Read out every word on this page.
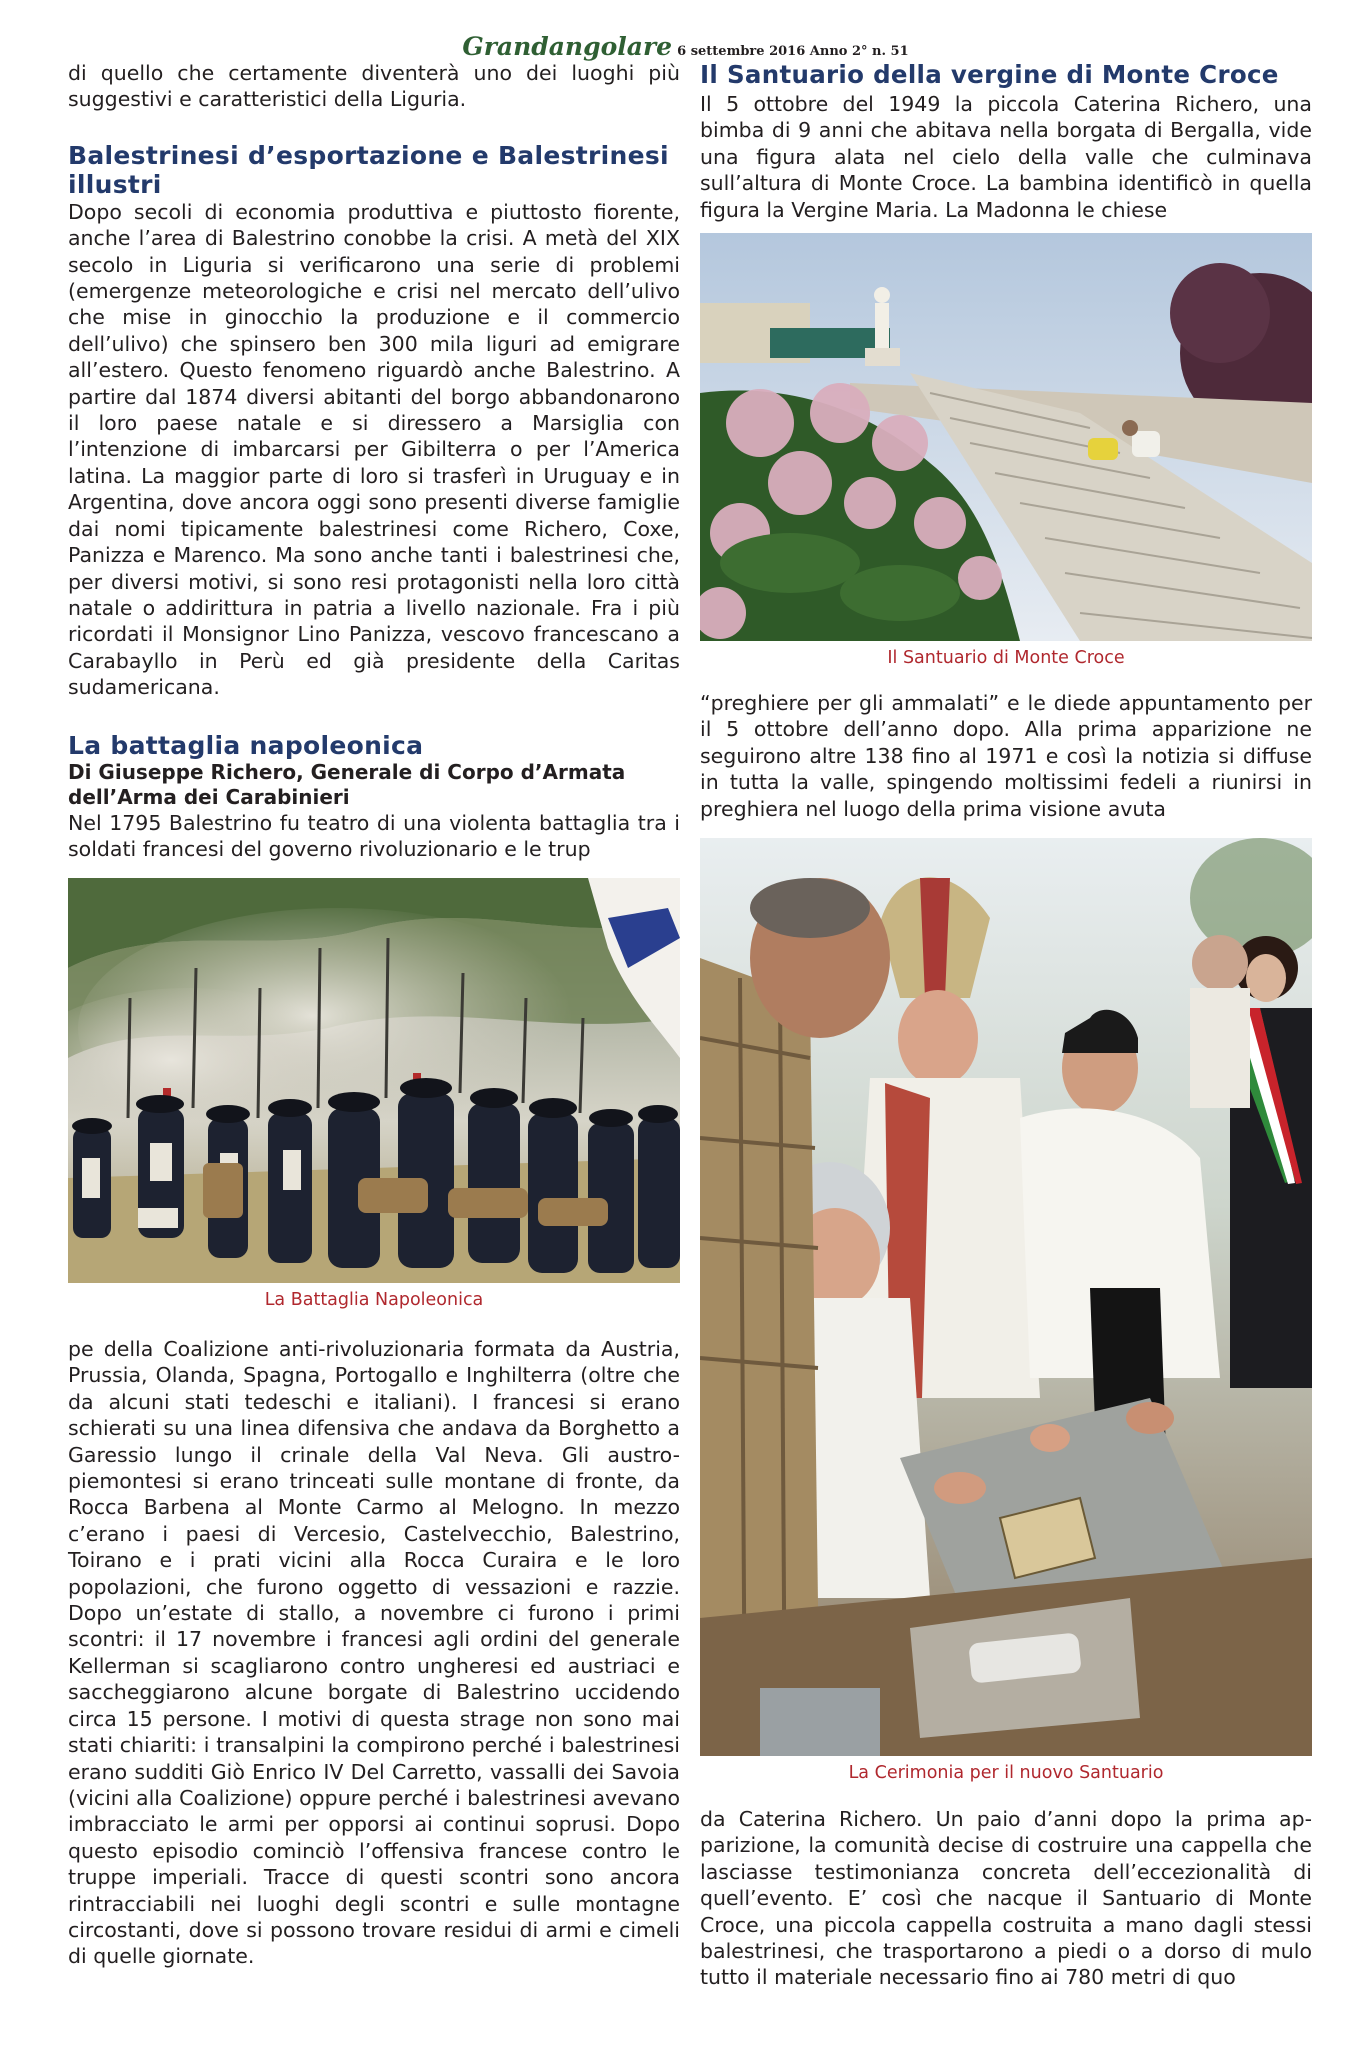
Grandangolare 6 settembre 2016 Anno 2° n. 51

di quello che certamente diventerà uno dei luoghi più suggestivi e caratteristici della Liguria.

Balestrinesi d’esportazione e Balestrinesi illustri

Dopo secoli di economia produttiva e piuttosto fiorente, anche l’area di Balestrino conobbe la crisi. A metà del XIX secolo in Liguria si verificarono una serie di problemi (emergenze meteorologiche e crisi nel mercato dell’ulivo che mise in ginocchio la produzione e il commercio dell’ulivo) che spinsero ben 300 mila liguri ad emigrare all’estero. Questo fenomeno riguardò anche Balestrino. A partire dal 1874 diversi abitanti del borgo abbandonarono il loro paese natale e si diressero a Marsiglia con l’intenzione di imbarcarsi per Gibilterra o per l’America latina. La maggior parte di loro si trasferì in Uruguay e in Argentina, dove ancora oggi sono presenti diverse famiglie dai nomi tipicamente balestrinesi come Richero, Coxe, Panizza e Marenco. Ma sono anche tanti i balestrinesi che, per diversi motivi, si sono resi protagonisti nella loro città natale o addirittura in patria a livello nazionale. Fra i più ricordati il Monsignor Lino Panizza, vescovo francescano a Carabayllo in Perù ed già presidente della Caritas sudamericana.

La battaglia napoleonica

Di Giuseppe Richero, Generale di Corpo d’Armata dell’Arma dei Carabinieri

Nel 1795 Balestrino fu teatro di una violenta battaglia tra i soldati francesi del governo rivoluzionario e le trup

La Battaglia Napoleonica

pe della Coalizione anti-rivoluzionaria formata da Austria, Prussia, Olanda, Spagna, Portogallo e Inghilterra (oltre che da alcuni stati tedeschi e italiani). I francesi si erano schierati su una linea difensiva che andava da Borghetto a Garessio lungo il crinale della Val Neva. Gli austro-piemontesi si erano trinceati sulle montane di fronte, da Rocca Barbena al Monte Carmo al Melogno. In mezzo c’erano i paesi di Vercesio, Castelvecchio, Balestrino, Toirano e i prati vicini alla Rocca Curaira e le loro popolazioni, che furono oggetto di vessazioni e razzie. Dopo un’estate di stallo, a novembre ci furono i primi scontri: il 17 novembre i francesi agli ordini del generale Kellerman si scagliarono contro ungheresi ed austriaci e saccheggiarono alcune borgate di Balestrino uccidendo circa 15 persone. I motivi di questa strage non sono mai stati chiariti: i transalpini la compirono perché i balestrinesi erano sudditi Giò Enrico IV Del Carretto, vassalli dei Savoia (vicini alla Coalizione) oppure perché i balestrinesi avevano imbracciato le armi per opporsi ai continui soprusi. Dopo questo episodio cominciò l’offensiva francese contro le truppe imperiali. Tracce di questi scontri sono ancora rintracciabili nei luoghi degli scontri e sulle montagne circostanti, dove si possono trovare residui di armi e cimeli di quelle giornate.

Il Santuario della vergine di Monte Croce

Il 5 ottobre del 1949 la piccola Caterina Richero, una bimba di 9 anni che abitava nella borgata di Bergalla, vide una figura alata nel cielo della valle che culminava sull’altura di Monte Croce. La bambina identificò in quella figura la Vergine Maria. La Madonna le chiese

Il Santuario di Monte Croce

“preghiere per gli ammalati” e le diede appuntamento per il 5 ottobre dell’anno dopo. Alla prima apparizione ne seguirono altre 138 fino al 1971 e così la notizia si diffuse in tutta la valle, spingendo moltissimi fedeli a riunirsi in preghiera nel luogo della prima visione avuta

La Cerimonia per il nuovo Santuario

da Caterina Richero. Un paio d’anni dopo la prima apparizione, la comunità decise di costruire una cappella che lasciasse testimonianza concreta dell’eccezionalità di quell’evento. E’ così che nacque il Santuario di Monte Croce, una piccola cappella costruita a mano dagli stessi balestrinesi, che trasportarono a piedi o a dorso di mulo tutto il materiale necessario fino ai 780 metri di quo
